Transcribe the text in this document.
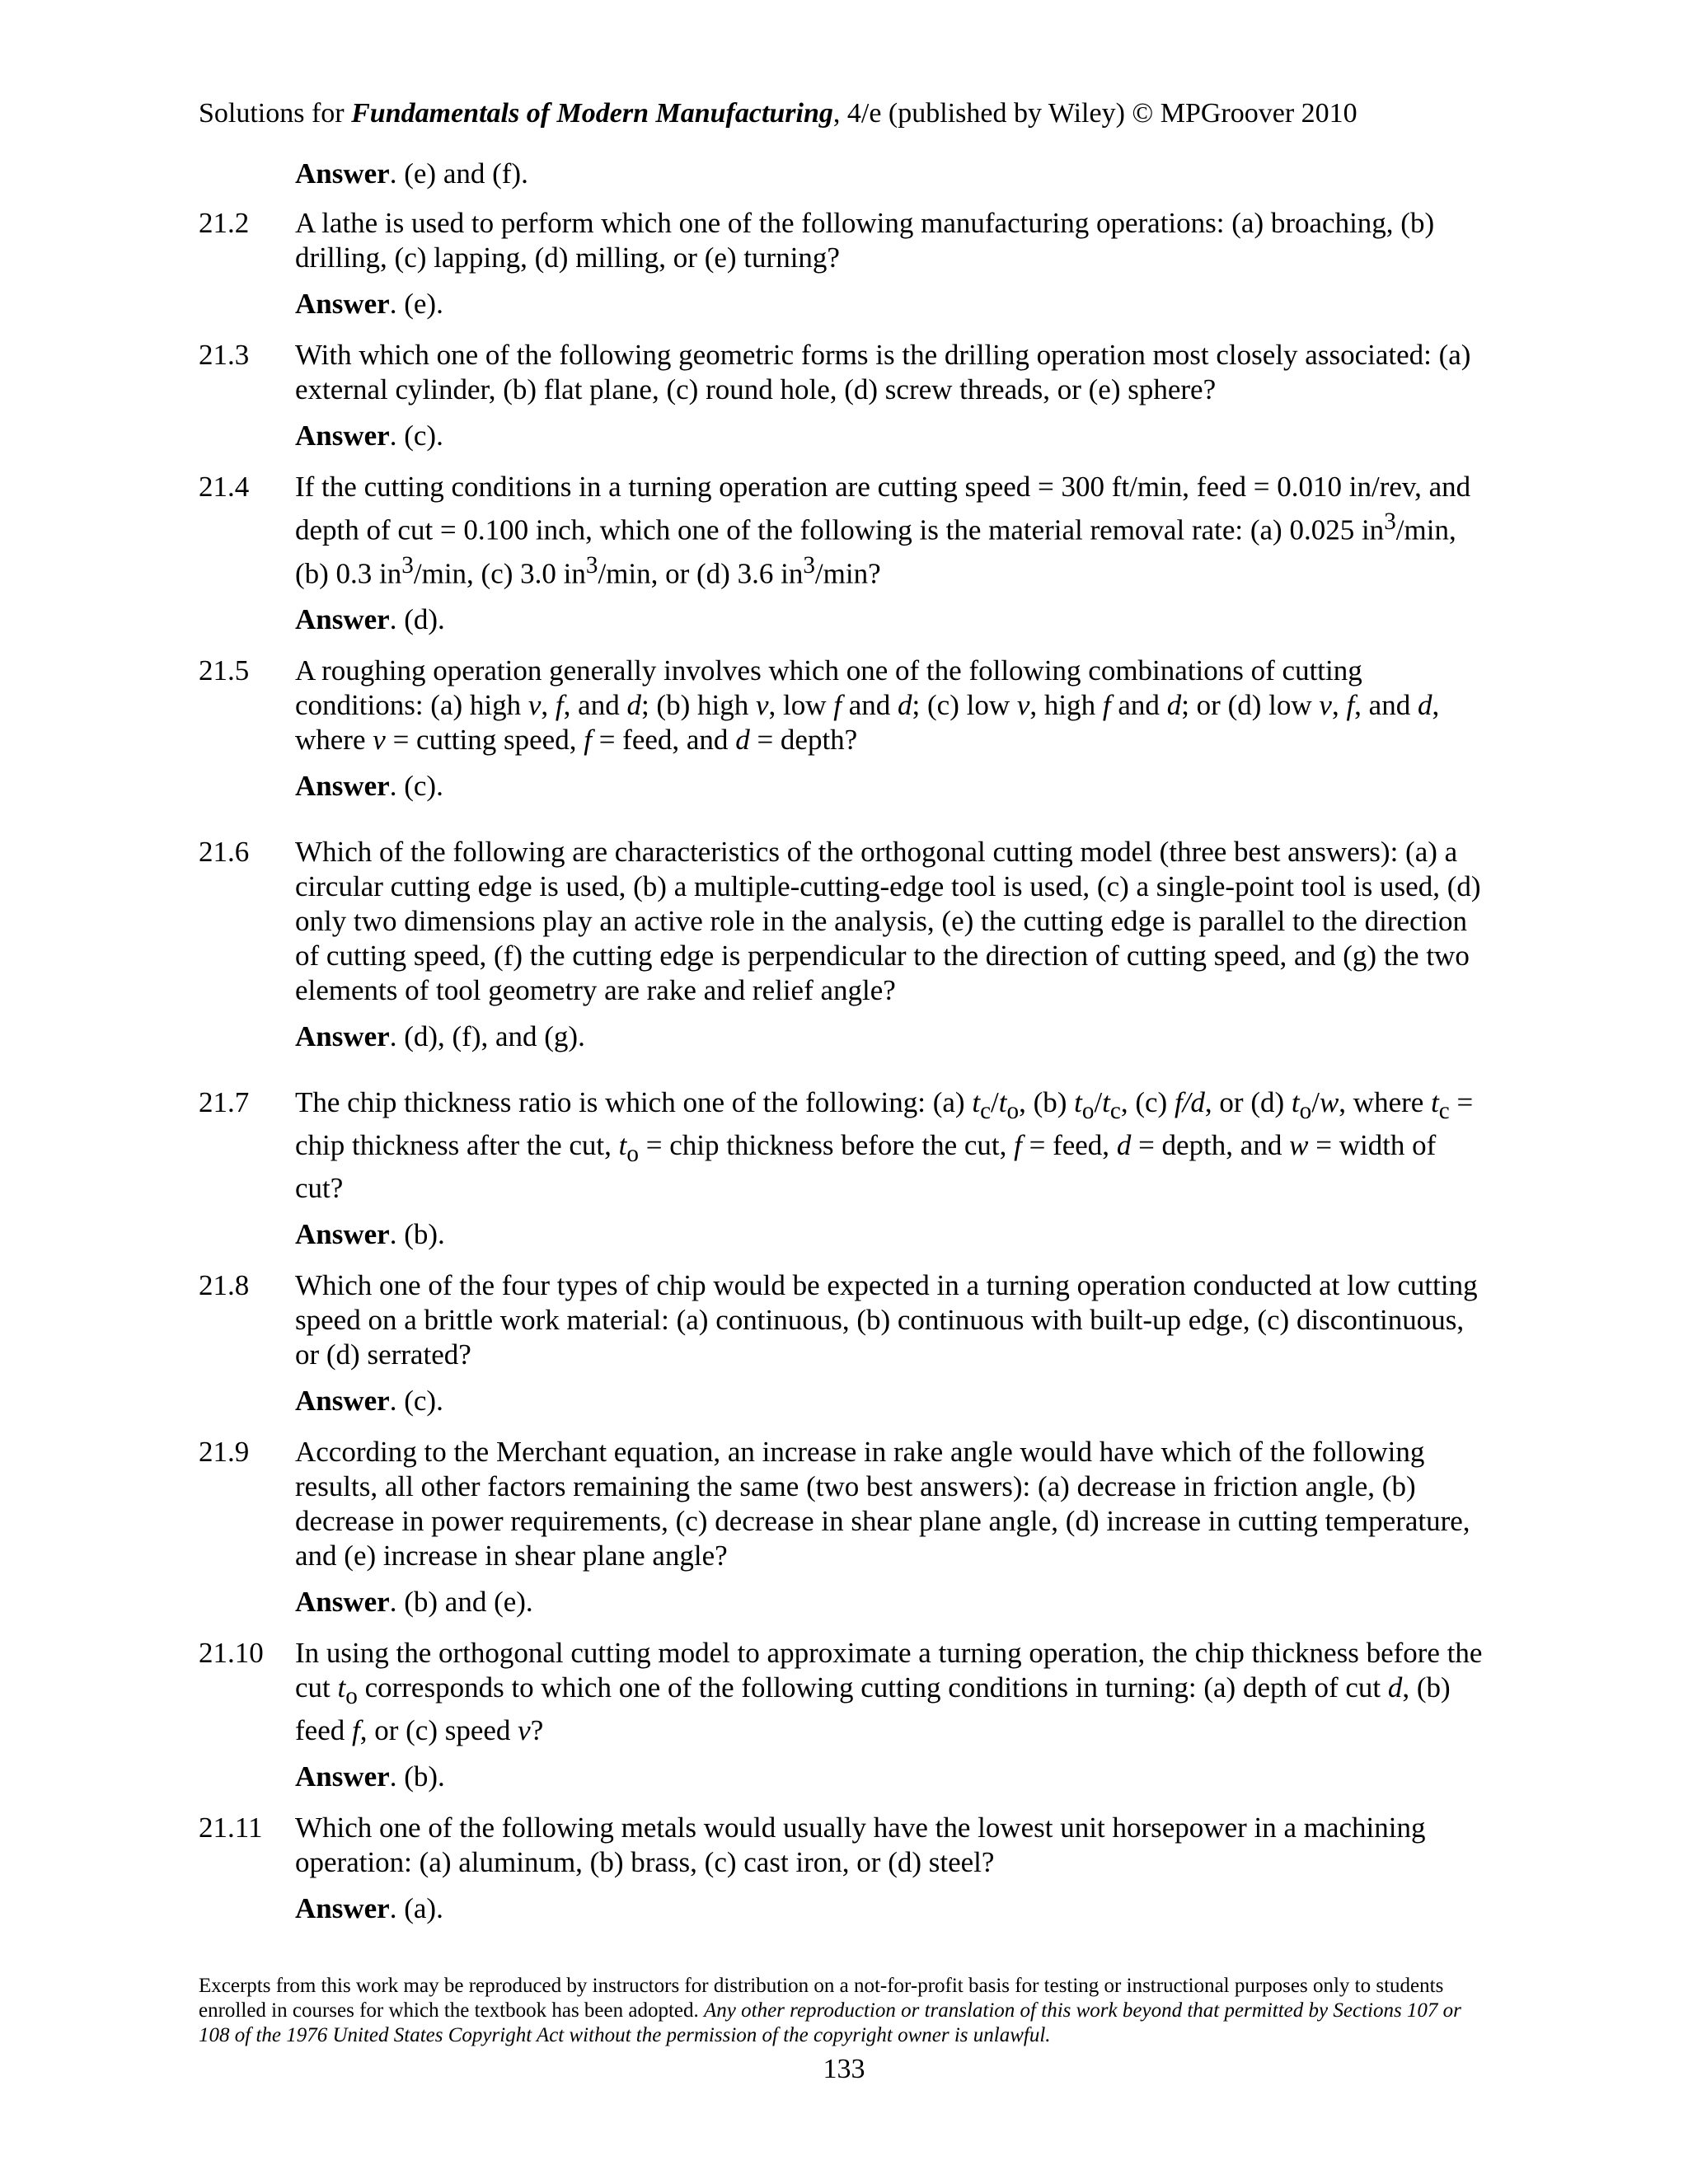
Solutions for Fundamentals of Modern Manufacturing, 4/e (published by Wiley) © MPGroover 2010
Answer. (e) and (f).
21.2	A lathe is used to perform which one of the following manufacturing operations: (a) broaching, (b) drilling, (c) lapping, (d) milling, or (e) turning?
Answer. (e).
21.3	With which one of the following geometric forms is the drilling operation most closely associated: (a) external cylinder, (b) flat plane, (c) round hole, (d) screw threads, or (e) sphere?
Answer. (c).
21.4	If the cutting conditions in a turning operation are cutting speed = 300 ft/min, feed = 0.010 in/rev, and depth of cut = 0.100 inch, which one of the following is the material removal rate: (a) 0.025 $in^3/\min$, (b) 0.3 $in^3/\min$, (c) 3.0 $in^3/\min$, or (d) 3.6 $in^3/\min$?
Answer. (d).
21.5	A roughing operation generally involves which one of the following combinations of cutting conditions: (a) high v, f, and d; (b) high v, low f and d; (c) low v, high f and d; or (d) low v, f, and d, where v = cutting speed, f = feed, and d = depth?
Answer. (c).
21.6	Which of the following are characteristics of the orthogonal cutting model (three best answers): (a) a circular cutting edge is used, (b) a multiple-cutting-edge tool is used, (c) a single-point tool is used, (d) only two dimensions play an active role in the analysis, (e) the cutting edge is parallel to the direction of cutting speed, (f) the cutting edge is perpendicular to the direction of cutting speed, and (g) the two elements of tool geometry are rake and relief angle?
Answer. (d), (f), and (g).
21.7	The chip thickness ratio is which one of the following: (a) $t_c/t_o$, (b) $t_o/t_c$, (c) f/d, or (d) $t_o/w$, where $t_c$ = chip thickness after the cut, $t_o$ = chip thickness before the cut, f = feed, d = depth, and w = width of cut?
Answer. (b).
21.8	Which one of the four types of chip would be expected in a turning operation conducted at low cutting speed on a brittle work material: (a) continuous, (b) continuous with built-up edge, (c) discontinuous, or (d) serrated?
Answer. (c).
21.9	According to the Merchant equation, an increase in rake angle would have which of the following results, all other factors remaining the same (two best answers): (a) decrease in friction angle, (b) decrease in power requirements, (c) decrease in shear plane angle, (d) increase in cutting temperature, and (e) increase in shear plane angle?
Answer. (b) and (e).
21.10	In using the orthogonal cutting model to approximate a turning operation, the chip thickness before the cut $t_o$ corresponds to which one of the following cutting conditions in turning: (a) depth of cut d, (b) feed f, or (c) speed v?
Answer. (b).
21.11	Which one of the following metals would usually have the lowest unit horsepower in a machining operation: (a) aluminum, (b) brass, (c) cast iron, or (d) steel?
Answer. (a).
Excerpts from this work may be reproduced by instructors for distribution on a not-for-profit basis for testing or instructional purposes only to students enrolled in courses for which the textbook has been adopted. Any other reproduction or translation of this work beyond that permitted by Sections 107 or 108 of the 1976 United States Copyright Act without the permission of the copyright owner is unlawful.
133
